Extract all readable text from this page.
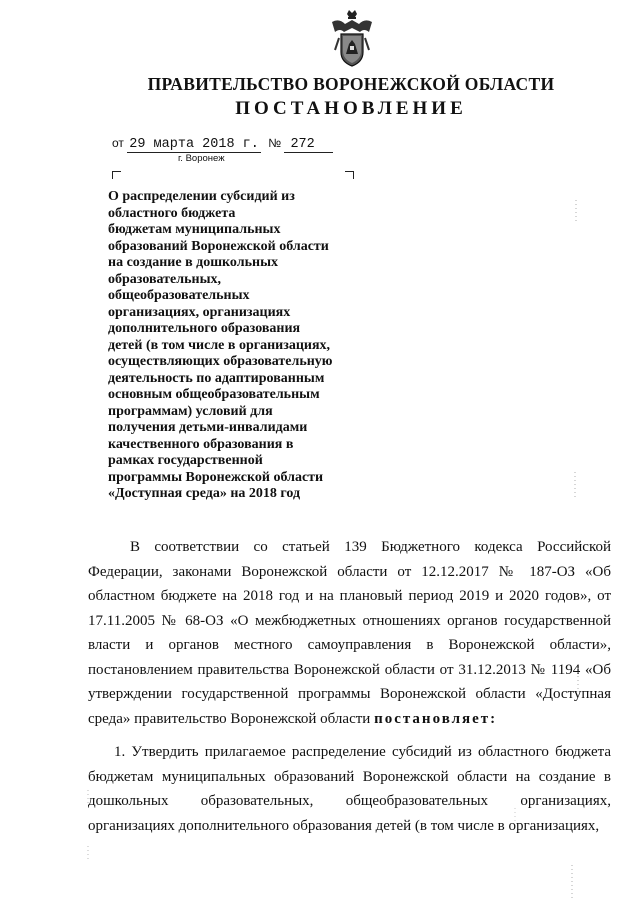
ПРАВИТЕЛЬСТВО ВОРОНЕЖСКОЙ ОБЛАСТИ
ПОСТАНОВЛЕНИЕ
от 29 марта 2018 г. № 272
г. Воронеж
О распределении субсидий из
областного бюджета
бюджетам муниципальных
образований Воронежской области
на создание в дошкольных
образовательных,
общеобразовательных
организациях, организациях
дополнительного образования
детей (в том числе в организациях,
осуществляющих образовательную
деятельность по адаптированным
основным общеобразовательным
программам) условий для
получения детьми-инвалидами
качественного образования в
рамках государственной
программы Воронежской области
«Доступная среда» на 2018 год
В соответствии со статьей 139 Бюджетного кодекса Российской Федерации, законами Воронежской области от 12.12.2017 № 187-ОЗ «Об областном бюджете на 2018 год и на плановый период 2019 и 2020 годов», от 17.11.2005 № 68-ОЗ «О межбюджетных отношениях органов государственной власти и органов местного самоуправления в Воронежской области», постановлением правительства Воронежской области от 31.12.2013 № 1194 «Об утверждении государственной программы Воронежской области «Доступная среда» правительство Воронежской области постановляет:
1. Утвердить прилагаемое распределение субсидий из областного бюджета бюджетам муниципальных образований Воронежской области на создание в дошкольных образовательных, общеобразовательных организациях, организациях дополнительного образования детей (в том числе в организациях,
